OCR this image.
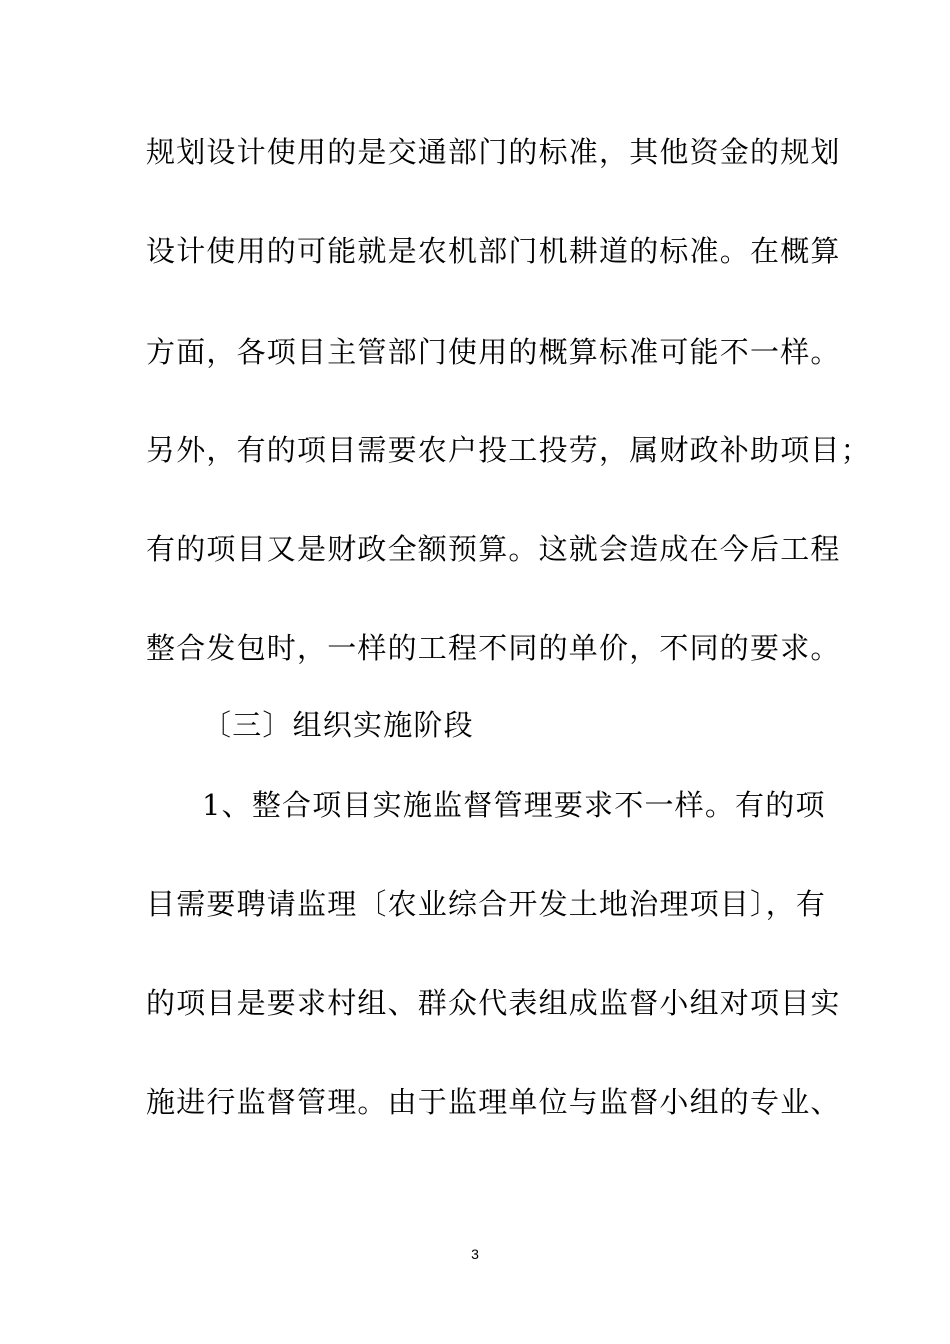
规划设计使用的是交通部门的标准，其他资金的规划
设计使用的可能就是农机部门机耕道的标准。在概算
方面，各项目主管部门使用的概算标准可能不一样。
另外，有的项目需要农户投工投劳，属财政补助项目；
有的项目又是财政全额预算。这就会造成在今后工程
整合发包时，一样的工程不同的单价，不同的要求。
〔三〕组织实施阶段
1、整合项目实施监督管理要求不一样。有的项
目需要聘请监理〔农业综合开发土地治理项目〕，有
的项目是要求村组、群众代表组成监督小组对项目实
施进行监督管理。由于监理单位与监督小组的专业、
3
